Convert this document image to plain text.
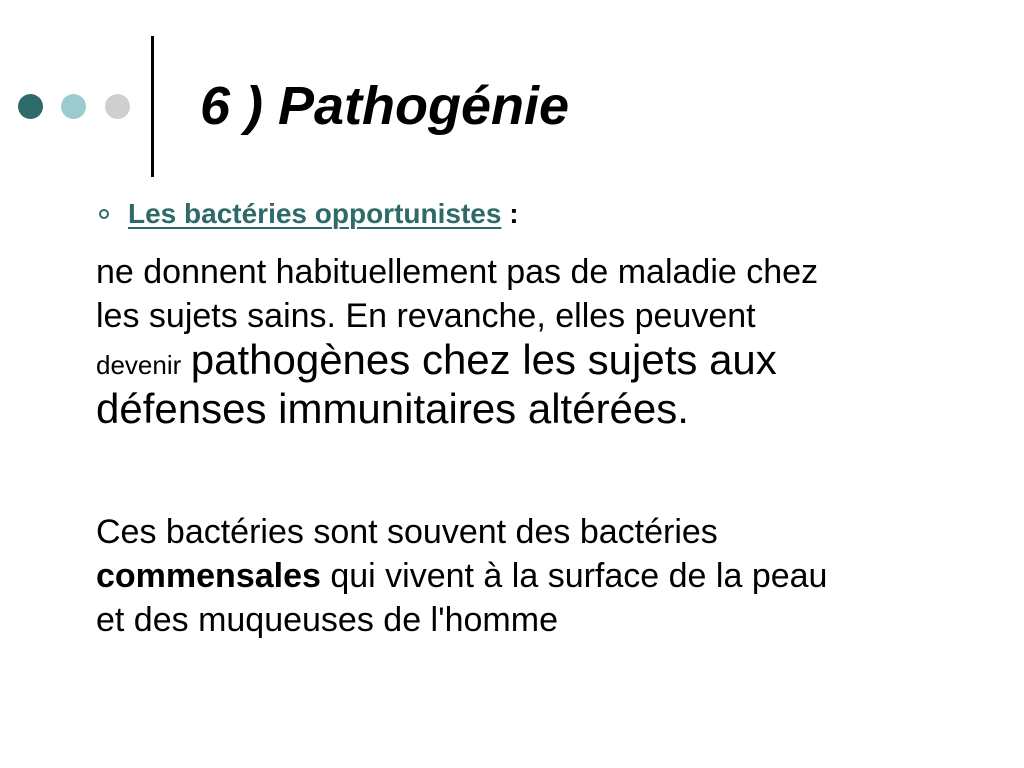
6 ) Pathogénie
Les bactéries opportunistes :

ne donnent habituellement pas de maladie chez
les sujets sains. En revanche, elles peuvent
devenir pathogènes chez les sujets aux
défenses immunitaires altérées.

Ces bactéries sont souvent des bactéries
commensales qui vivent à la surface de la peau
et des muqueuses de l'homme
